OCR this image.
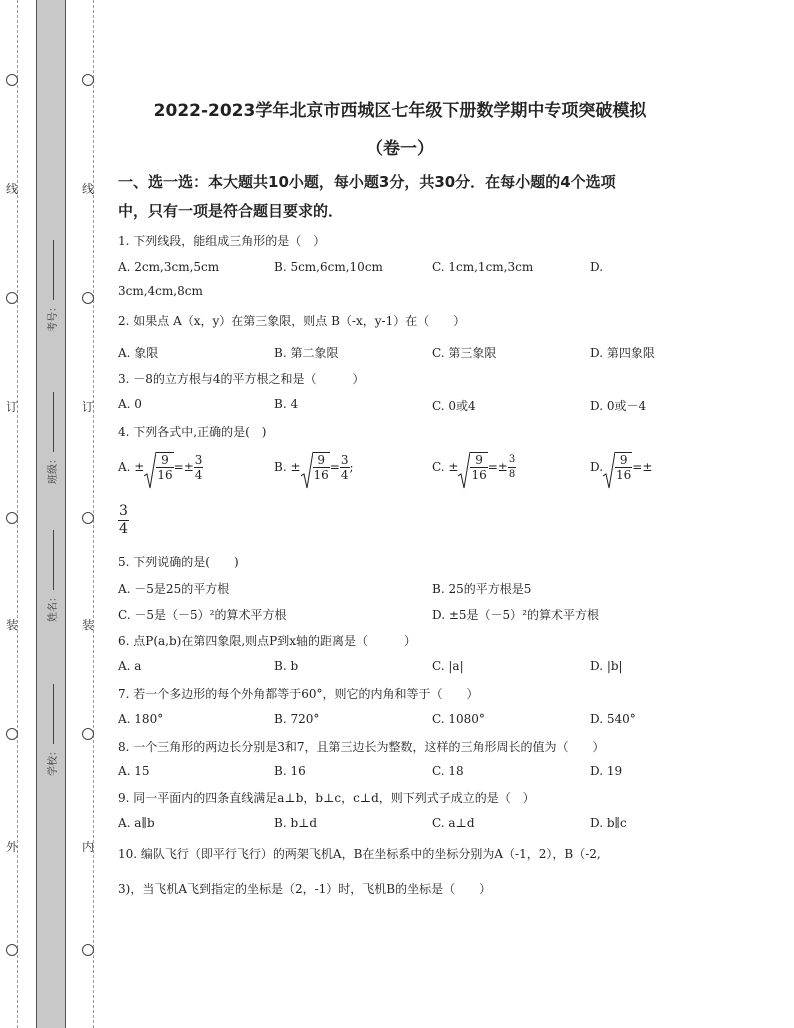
线
订
装
外
线
订
装
内
考号：
班级：
姓名：
学校：
2022-2023学年北京市西城区七年级下册数学期中专项突破模拟
（卷一）
一、选一选：本大题共10小题，每小题3分，共30分．在每小题的4个选项
中，只有一项是符合题目要求的．
1. 下列线段，能组成三角形的是（　）
A. 2cm,3cm,5cm	B. 5cm,6cm,10cm	C. 1cm,1cm,3cm	D.
3cm,4cm,8cm
2. 如果点 A（x，y）在第三象限，则点 B（-x，y-1）在（　　）
A. 象限	B. 第二象限	C. 第三象限	D. 第四象限
3. －8的立方根与4的平方根之和是（　　　）
A. 0	B. 4	C. 0或4	D. 0或－4
4. 下列各式中,正确的是(　)
A. ± $\frac{9}{16} =\pm \frac{3}{4}$	B. ± $\frac{9}{16} = \frac{3}{4}$ ;	C. ± $\frac{9}{16} =\pm \frac{3}{8}$	D. $\frac{9}{16}$ =±
$\frac{3}{4}$
5. 下列说确的是(　　)
A. －5是25的平方根	B. 25的平方根是5
C. －5是（－5）²的算术平方根	D. ±5是（－5）²的算术平方根
6. 点P(a,b)在第四象限,则点P到x轴的距离是（　　　）
A. a	B. b	C. |a|	D. |b|
7. 若一个多边形的每个外角都等于60°，则它的内角和等于（　　）
A. 180°	B. 720°	C. 1080°	D. 540°
8. 一个三角形的两边长分别是3和7，且第三边长为整数，这样的三角形周长的值为（　　）
A. 15	B. 16	C. 18	D. 19
9. 同一平面内的四条直线满足a⊥b，b⊥c，c⊥d，则下列式子成立的是（　）
A. a∥b	B. b⊥d	C. a⊥d	D. b∥c
10. 编队飞行（即平行飞行）的两架飞机A，B在坐标系中的坐标分别为A（-1，2），B（-2,
3)，当飞机A飞到指定的坐标是（2，-1）时，飞机B的坐标是（　　）
